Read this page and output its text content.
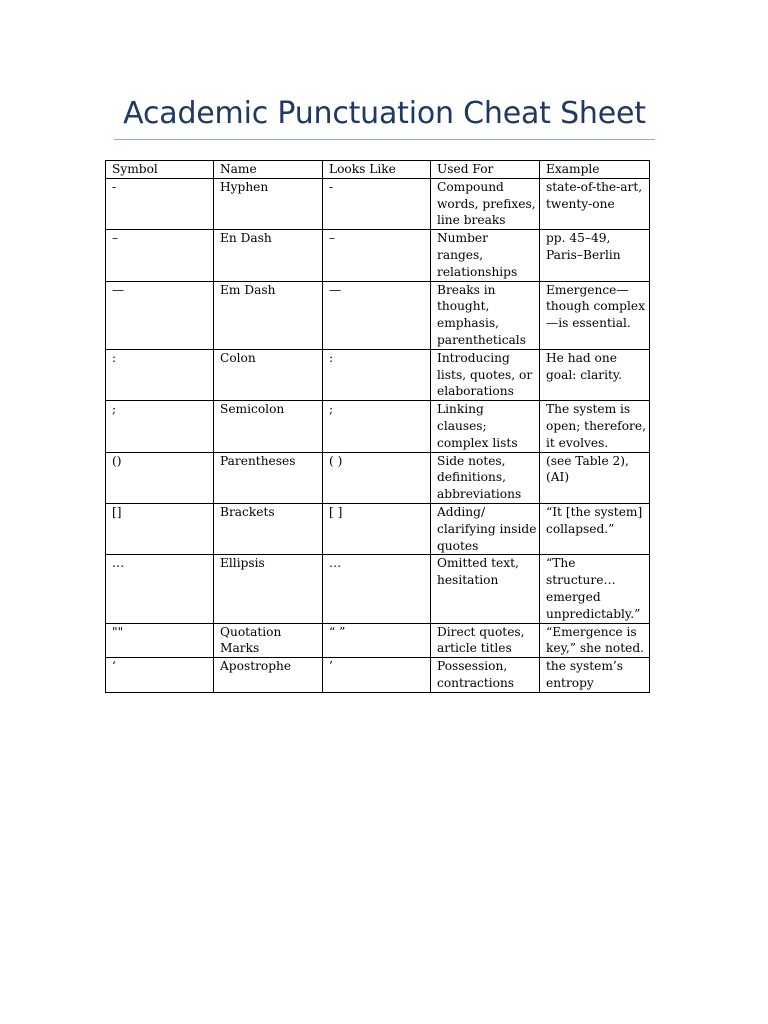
Academic Punctuation Cheat Sheet
Symbol	Name	Looks Like	Used For	Example
-	Hyphen	-	Compound words, prefixes, line breaks	state-of-the-art, twenty-one
–	En Dash	–	Number ranges, relationships	pp. 45–49, Paris–Berlin
—	Em Dash	—	Breaks in thought, emphasis, parentheticals	Emergence—though complex—is essential.
:	Colon	:	Introducing lists, quotes, or elaborations	He had one goal: clarity.
;	Semicolon	;	Linking clauses; complex lists	The system is open; therefore, it evolves.
()	Parentheses	( )	Side notes, definitions, abbreviations	(see Table 2), (AI)
[]	Brackets	[ ]	Adding/ clarifying inside quotes	“It [the system] collapsed.”
…	Ellipsis	…	Omitted text, hesitation	“The structure… emerged unpredictably.”
""	Quotation Marks	“ ”	Direct quotes, article titles	“Emergence is key,” she noted.
‘	Apostrophe	’	Possession, contractions	the system’s entropy
